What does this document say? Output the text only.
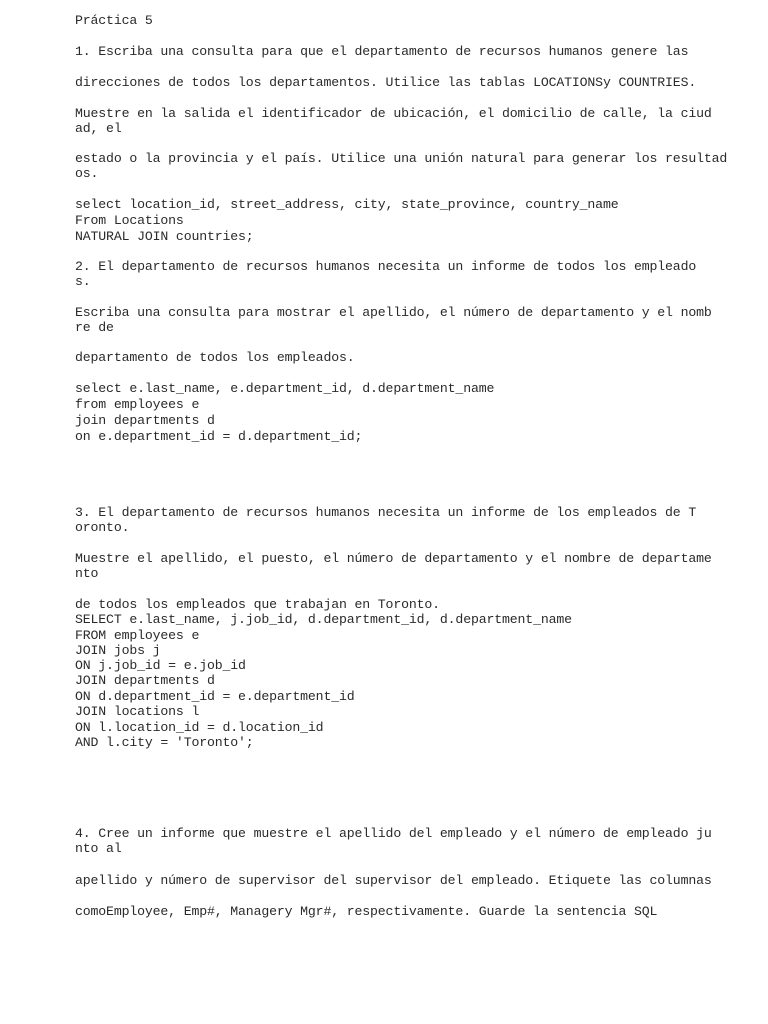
Práctica 5
1. Escriba una consulta para que el departamento de recursos humanos genere las
direcciones de todos los departamentos. Utilice las tablas LOCATIONSy COUNTRIES.
Muestre en la salida el identificador de ubicación, el domicilio de calle, la ciud
ad, el
estado o la provincia y el país. Utilice una unión natural para generar los resultad
os.
select location_id, street_address, city, state_province, country_name
From Locations
NATURAL JOIN countries;
2. El departamento de recursos humanos necesita un informe de todos los empleado
s.
Escriba una consulta para mostrar el apellido, el número de departamento y el nomb
re de
departamento de todos los empleados.
select e.last_name, e.department_id, d.department_name
from employees e
join departments d
on e.department_id = d.department_id;
3. El departamento de recursos humanos necesita un informe de los empleados de T
oronto.
Muestre el apellido, el puesto, el número de departamento y el nombre de departame
nto
de todos los empleados que trabajan en Toronto.
SELECT e.last_name, j.job_id, d.department_id, d.department_name
FROM employees e
JOIN jobs j
ON j.job_id = e.job_id
JOIN departments d
ON d.department_id = e.department_id
JOIN locations l
ON l.location_id = d.location_id
AND l.city = 'Toronto';
4. Cree un informe que muestre el apellido del empleado y el número de empleado ju
nto al
apellido y número de supervisor del supervisor del empleado. Etiquete las columnas
comoEmployee, Emp#, Managery Mgr#, respectivamente. Guarde la sentencia SQL
